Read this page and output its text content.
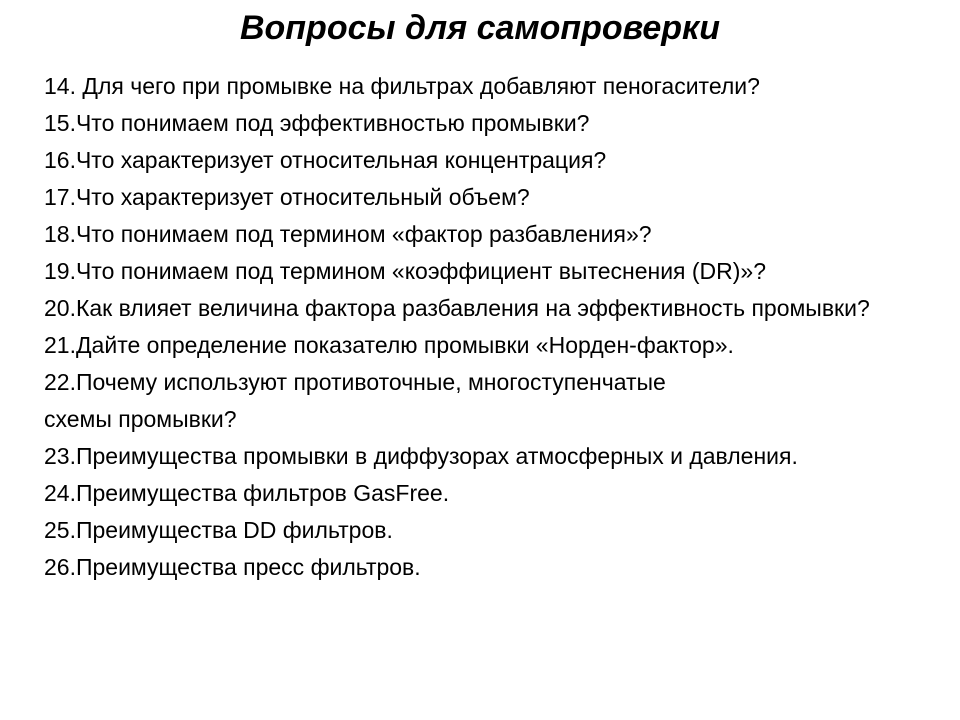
Вопросы для самопроверки
14. Для чего при промывке на фильтрах добавляют пеногасители?
15.Что понимаем под эффективностью промывки?
16.Что характеризует относительная концентрация?
17.Что характеризует относительный объем?
18.Что понимаем под термином «фактор разбавления»?
19.Что понимаем под термином «коэффициент вытеснения (DR)»?
20.Как влияет величина фактора разбавления на эффективность промывки?
21.Дайте определение показателю промывки «Норден-фактор».
22.Почему используют противоточные, многоступенчатые
схемы промывки?
23.Преимущества промывки в диффузорах атмосферных и давления.
24.Преимущества фильтров GasFree.
25.Преимущества DD фильтров.
26.Преимущества пресс фильтров.
